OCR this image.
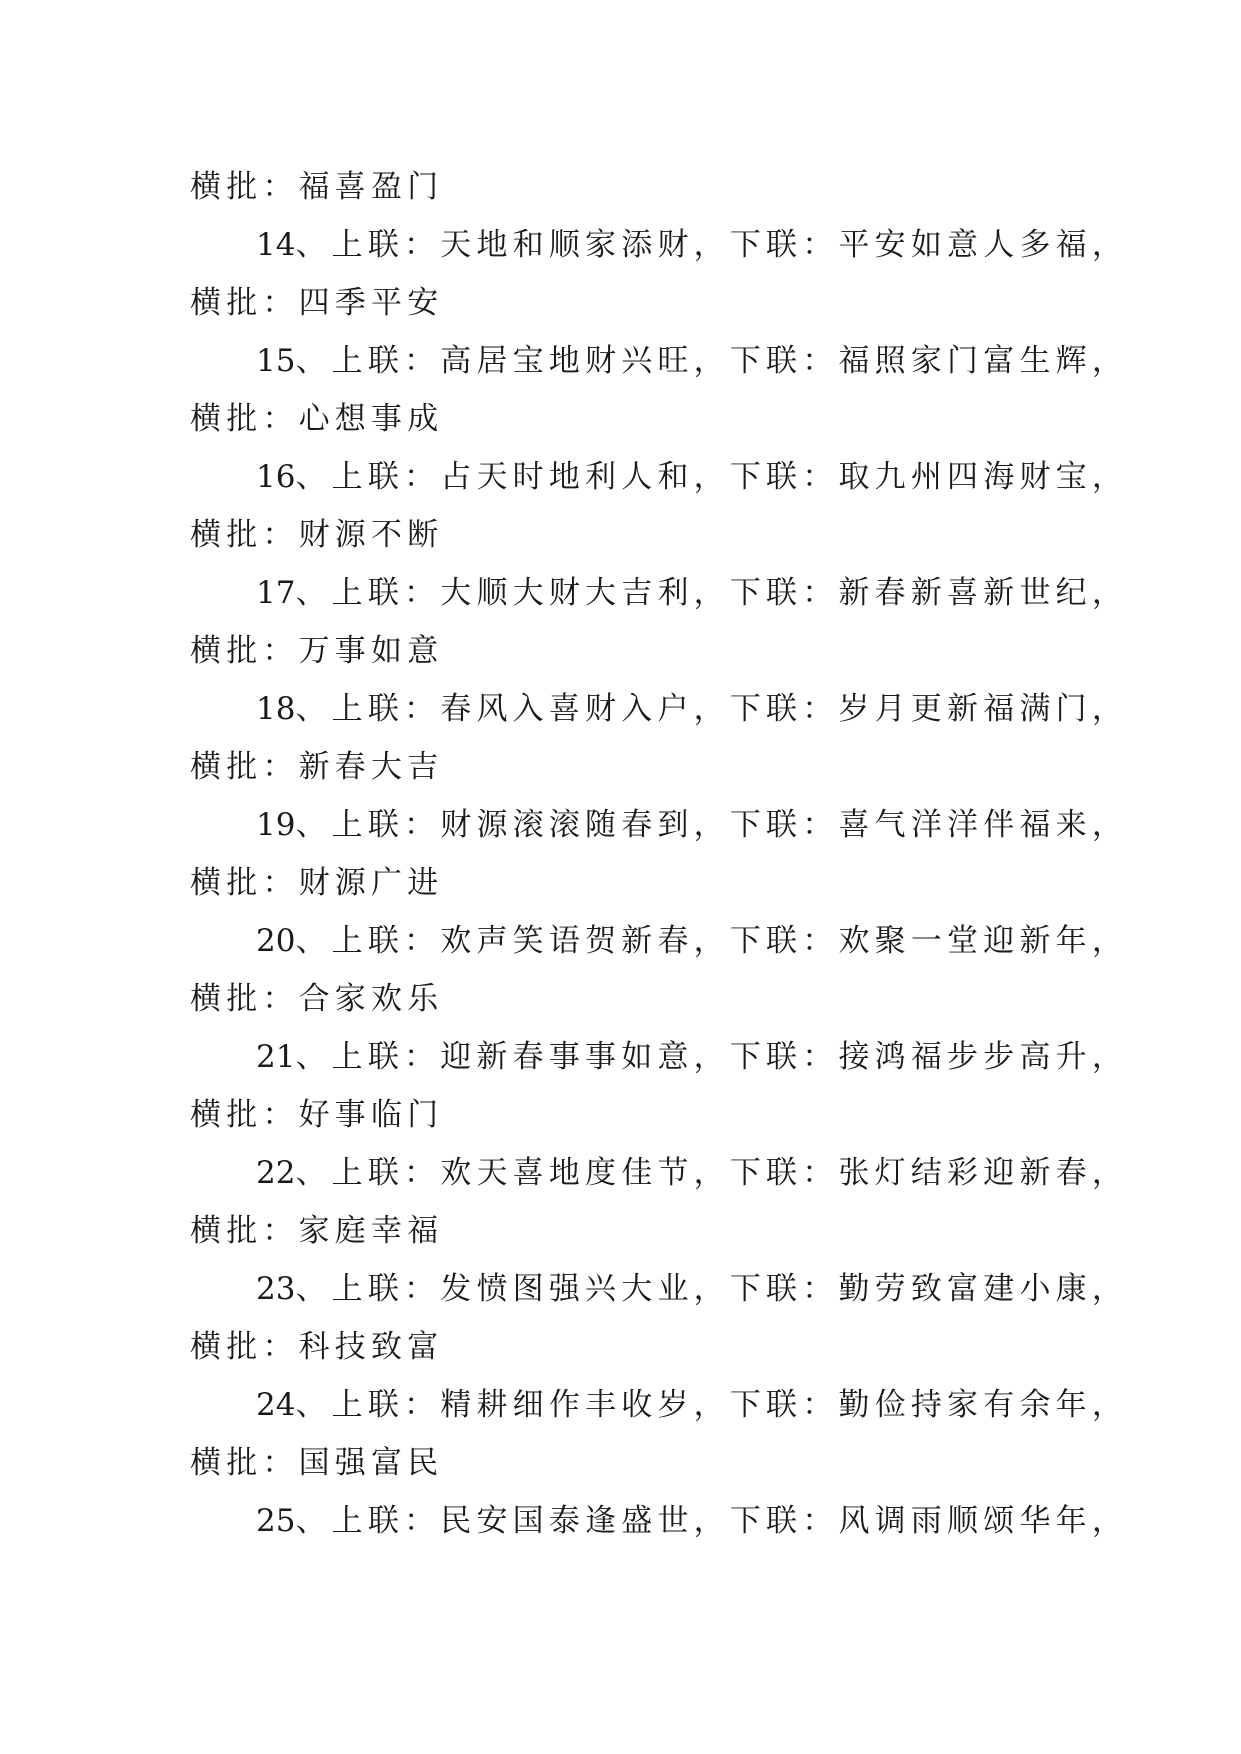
横批：福喜盈门
14、上联：天地和顺家添财，下联：平安如意人多福，
横批：四季平安
15、上联：高居宝地财兴旺，下联：福照家门富生辉，
横批：心想事成
16、上联：占天时地利人和，下联：取九州四海财宝，
横批：财源不断
17、上联：大顺大财大吉利，下联：新春新喜新世纪，
横批：万事如意
18、上联：春风入喜财入户，下联：岁月更新福满门，
横批：新春大吉
19、上联：财源滚滚随春到，下联：喜气洋洋伴福来，
横批：财源广进
20、上联：欢声笑语贺新春，下联：欢聚一堂迎新年，
横批：合家欢乐
21、上联：迎新春事事如意，下联：接鸿福步步高升，
横批：好事临门
22、上联：欢天喜地度佳节，下联：张灯结彩迎新春，
横批：家庭幸福
23、上联：发愤图强兴大业，下联：勤劳致富建小康，
横批：科技致富
24、上联：精耕细作丰收岁，下联：勤俭持家有余年，
横批：国强富民
25、上联：民安国泰逢盛世，下联：风调雨顺颂华年，
